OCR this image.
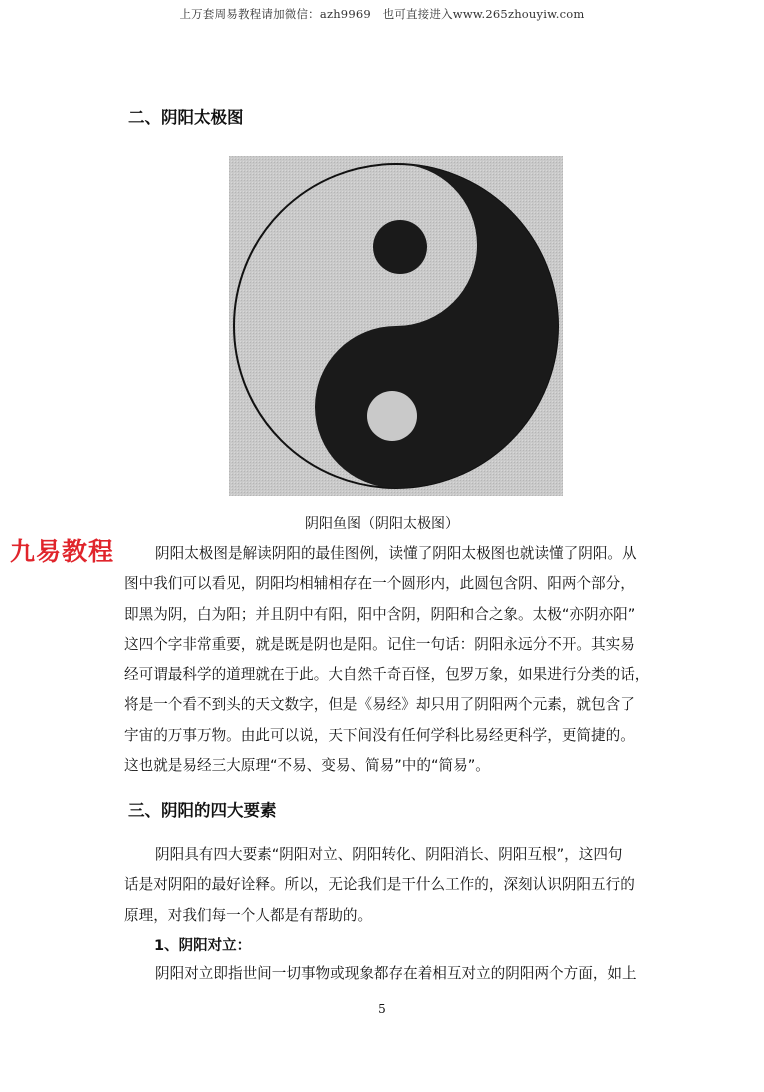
上万套周易教程请加微信：azh9969　也可直接进入www.265zhouyiw.com
二、阴阳太极图
阴阳鱼图（阴阳太极图）
九易教程	阴阳太极图是解读阴阳的最佳图例，读懂了阴阳太极图也就读懂了阴阳。从
图中我们可以看见，阴阳均相辅相存在一个圆形内，此圆包含阴、阳两个部分，
即黑为阴，白为阳；并且阴中有阳，阳中含阴，阴阳和合之象。太极“亦阴亦阳”
这四个字非常重要，就是既是阴也是阳。记住一句话：阴阳永远分不开。其实易
经可谓最科学的道理就在于此。大自然千奇百怪，包罗万象，如果进行分类的话，
将是一个看不到头的天文数字，但是《易经》却只用了阴阳两个元素，就包含了
宇宙的万事万物。由此可以说，天下间没有任何学科比易经更科学，更简捷的。
这也就是易经三大原理“不易、变易、简易”中的“简易”。
三、阴阳的四大要素
阴阳具有四大要素“阴阳对立、阴阳转化、阴阳消长、阴阳互根”，这四句
话是对阴阳的最好诠释。所以，无论我们是干什么工作的，深刻认识阴阳五行的
原理，对我们每一个人都是有帮助的。
1、阴阳对立：
阴阳对立即指世间一切事物或现象都存在着相互对立的阴阳两个方面，如上
5
